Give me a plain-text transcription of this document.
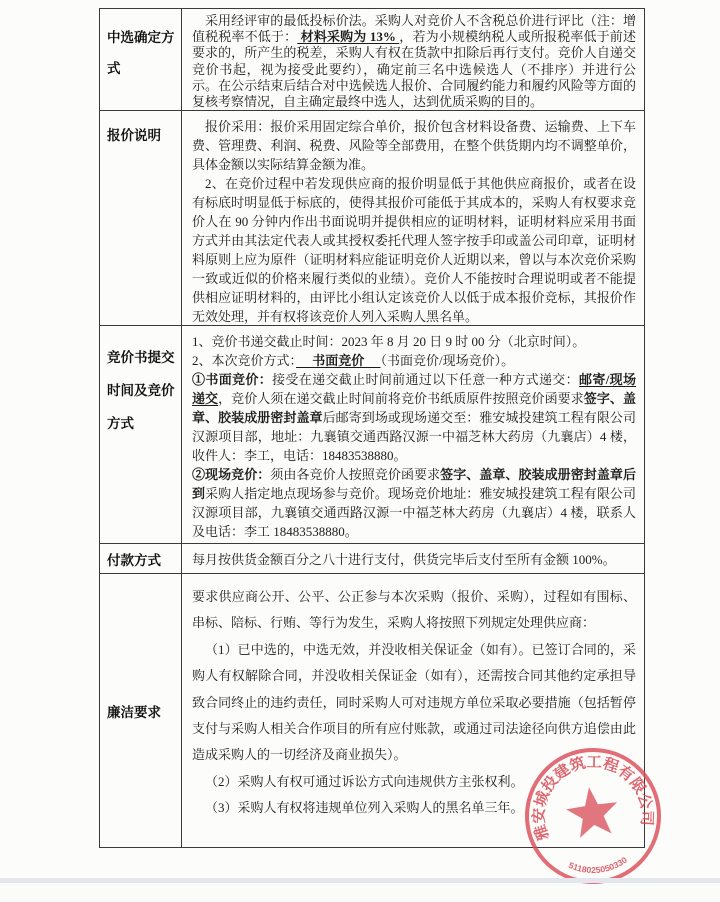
中选确定方式

采用经评审的最低投标价法。采购人对竞价人不含税总价进行评比（注：增值税税率不低于： 材料采购为 13% ，若为小规模纳税人或所报税率低于前述要求的，所产生的税差，采购人有权在货款中扣除后再行支付。竞价人自递交竞价书起，视为接受此要约），确定前三名中选候选人（不排序）并进行公示。在公示结束后结合对中选候选人报价、合同履约能力和履约风险等方面的复核考察情况，自主确定最终中选人，达到优质采购的目的。

报价说明

报价采用：报价采用固定综合单价，报价包含材料设备费、运输费、上下车费、管理费、利润、税费、风险等全部费用，在整个供货期内均不调整单价，具体金额以实际结算金额为准。

2、在竞价过程中若发现供应商的报价明显低于其他供应商报价，或者在设有标底时明显低于标底的，使得其报价可能低于其成本的，采购人有权要求竞价人在 90 分钟内作出书面说明并提供相应的证明材料，证明材料应采用书面方式并由其法定代表人或其授权委托代理人签字按手印或盖公司印章，证明材料原则上应为原件（证明材料应能证明竞价人近期以来，曾以与本次竞价采购一致或近似的价格来履行类似的业绩）。竞价人不能按时合理说明或者不能提供相应证明材料的，由评比小组认定该竞价人以低于成本报价竞标，其报价作无效处理，并有权将该竞价人列入采购人黑名单。

竞价书提交时间及竞价方式

1、竞价书递交截止时间：2023 年 8 月 20 日 9 时 00 分（北京时间）。

2、本次竞价方式：　 书面竞价 　（书面竞价/现场竞价）。

①书面竞价：接受在递交截止时间前通过以下任意一种方式递交：邮寄/现场递交，竞价人须在递交截止时间前将竞价书纸质原件按照竞价函要求签字、盖章、胶装成册密封盖章后邮寄到场或现场递交至：雅安城投建筑工程有限公司汉源项目部，地址：九襄镇交通西路汉源一中福芝林大药房（九襄店）4 楼，收件人：李工，电话：18483538880。

②现场竞价：须由各竞价人按照竞价函要求签字、盖章、胶装成册密封盖章后到采购人指定地点现场参与竞价。现场竞价地址：雅安城投建筑工程有限公司汉源项目部，九襄镇交通西路汉源一中福芝林大药房（九襄店）4 楼，联系人及电话：李工 18483538880。

付款方式	每月按供货金额百分之八十进行支付，供货完毕后支付至所有金额 100%。

廉洁要求

要求供应商公开、公平、公正参与本次采购（报价、采购），过程如有围标、串标、陪标、行贿、等行为发生，采购人将按照下列规定处理供应商：

（1）已中选的，中选无效，并没收相关保证金（如有）。已签订合同的，采购人有权解除合同，并没收相关保证金（如有），还需按合同其他约定承担导致合同终止的违约责任，同时采购人可对违规方单位采取必要措施（包括暂停支付与采购人相关合作项目的所有应付账款，或通过司法途径向供方追偿由此造成采购人的一切经济及商业损失）。

（2）采购人有权可通过诉讼方式向违规供方主张权利。

（3）采购人有权将违规单位列入采购人的黑名单三年。

雅安城投建筑工程有限公司
5118025050330
